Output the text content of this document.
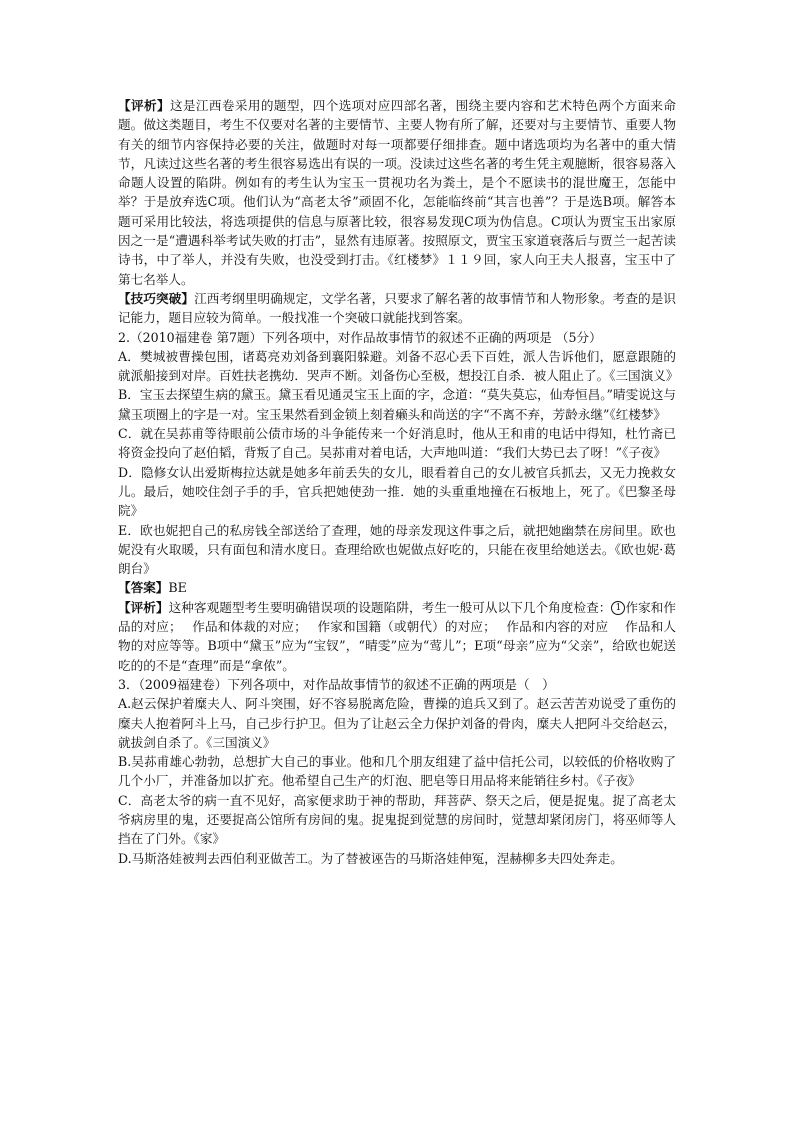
【评析】这是江西卷采用的题型，四个选项对应四部名著，围绕主要内容和艺术特色两个方面来命题。做这类题目，考生不仅要对名著的主要情节、主要人物有所了解，还要对与主要情节、重要人物有关的细节内容保持必要的关注，做题时对每一项都要仔细排查。题中诸选项均为名著中的重大情节，凡读过这些名著的考生很容易选出有误的一项。没读过这些名著的考生凭主观臆断，很容易落入命题人设置的陷阱。例如有的考生认为宝玉一贯视功名为粪土，是个不愿读书的混世魔王，怎能中举？于是放弃选C项。他们认为“高老太爷”顽固不化，怎能临终前“其言也善”？于是选B项。解答本题可采用比较法，将选项提供的信息与原著比较，很容易发现C项为伪信息。C项认为贾宝玉出家原因之一是“遭遇科举考试失败的打击”，显然有违原著。按照原文，贾宝玉家道衰落后与贾兰一起苦读诗书，中了举人，并没有失败，也没受到打击。《红楼梦》１１９回，家人向王夫人报喜，宝玉中了第七名举人。

【技巧突破】江西考纲里明确规定，文学名著，只要求了解名著的故事情节和人物形象。考查的是识记能力，题目应较为简单。一般找准一个突破口就能找到答案。

2.（2010福建卷 第7题）下列各项中，对作品故事情节的叙述不正确的两项是 （5分）

A．樊城被曹操包围，诸葛亮劝刘备到襄阳躲避。刘备不忍心丢下百姓，派人告诉他们，愿意跟随的就派船接到对岸。百姓扶老携幼．哭声不断。刘备伤心至极，想投江自杀．被人阻止了。《三国演义》

B．宝玉去探望生病的黛玉。黛玉看见通灵宝玉上面的字，念道：“莫失莫忘，仙寿恒昌。”晴雯说这与黛玉项圈上的字是一对。宝玉果然看到金锁上刻着癞头和尚送的字“不离不弃，芳龄永继”《红楼梦》

C．就在吴荪甫等待眼前公债市场的斗争能传来一个好消息时，他从王和甫的电话中得知，杜竹斋已将资金投向了赵伯韬，背叛了自己。吴荪甫对着电话，大声地叫道：“我们大势已去了呀！”《子夜》

D．隐修女认出爱斯梅拉达就是她多年前丢失的女儿，眼看着自己的女儿被官兵抓去，又无力挽救女儿。最后，她咬住刽子手的手，官兵把她使劲一推．她的头重重地撞在石板地上，死了。《巴黎圣母院》

E．欧也妮把自己的私房钱全部送给了查理，她的母亲发现这件事之后，就把她幽禁在房间里。欧也妮没有火取暖，只有面包和清水度日。查理给欧也妮做点好吃的，只能在夜里给她送去。《欧也妮·葛朗台》

【答案】BE

【评析】这种客观题型考生要明确错误项的设题陷阱，考生一般可从以下几个角度检查： 1 作家和作品的对应；　 作品和体裁的对应；　 作家和国籍（或朝代）的对应；　 作品和内容的对应　 作品和人物的对应等等。B项中“黛玉”应为“宝钗”，“晴雯”应为“莺儿”；E项“母亲”应为“父亲”，给欧也妮送吃的的不是“查理”而是“拿侬”。

3．（2009福建卷）下列各项中，对作品故事情节的叙述不正确的两项是（　）

A.赵云保护着糜夫人、阿斗突围，好不容易脱离危险，曹操的追兵又到了。赵云苦苦劝说受了重伤的糜夫人抱着阿斗上马，自己步行护卫。但为了让赵云全力保护刘备的骨肉，糜夫人把阿斗交给赵云，就拔剑自杀了。《三国演义》

B.吴荪甫雄心勃勃，总想扩大自己的事业。他和几个朋友组建了益中信托公司，以较低的价格收购了几个小厂，并准备加以扩充。他希望自己生产的灯泡、肥皂等日用品将来能销往乡村。《子夜》

C．高老太爷的病一直不见好，高家便求助于神的帮助，拜菩萨、祭天之后，便是捉鬼。捉了高老太爷病房里的鬼，还要捉高公馆所有房间的鬼。捉鬼捉到觉慧的房间时，觉慧却紧闭房门，将巫师等人挡在了门外。《家》

D.马斯洛娃被判去西伯利亚做苦工。为了替被诬告的马斯洛娃伸冤，涅赫柳多夫四处奔走。
